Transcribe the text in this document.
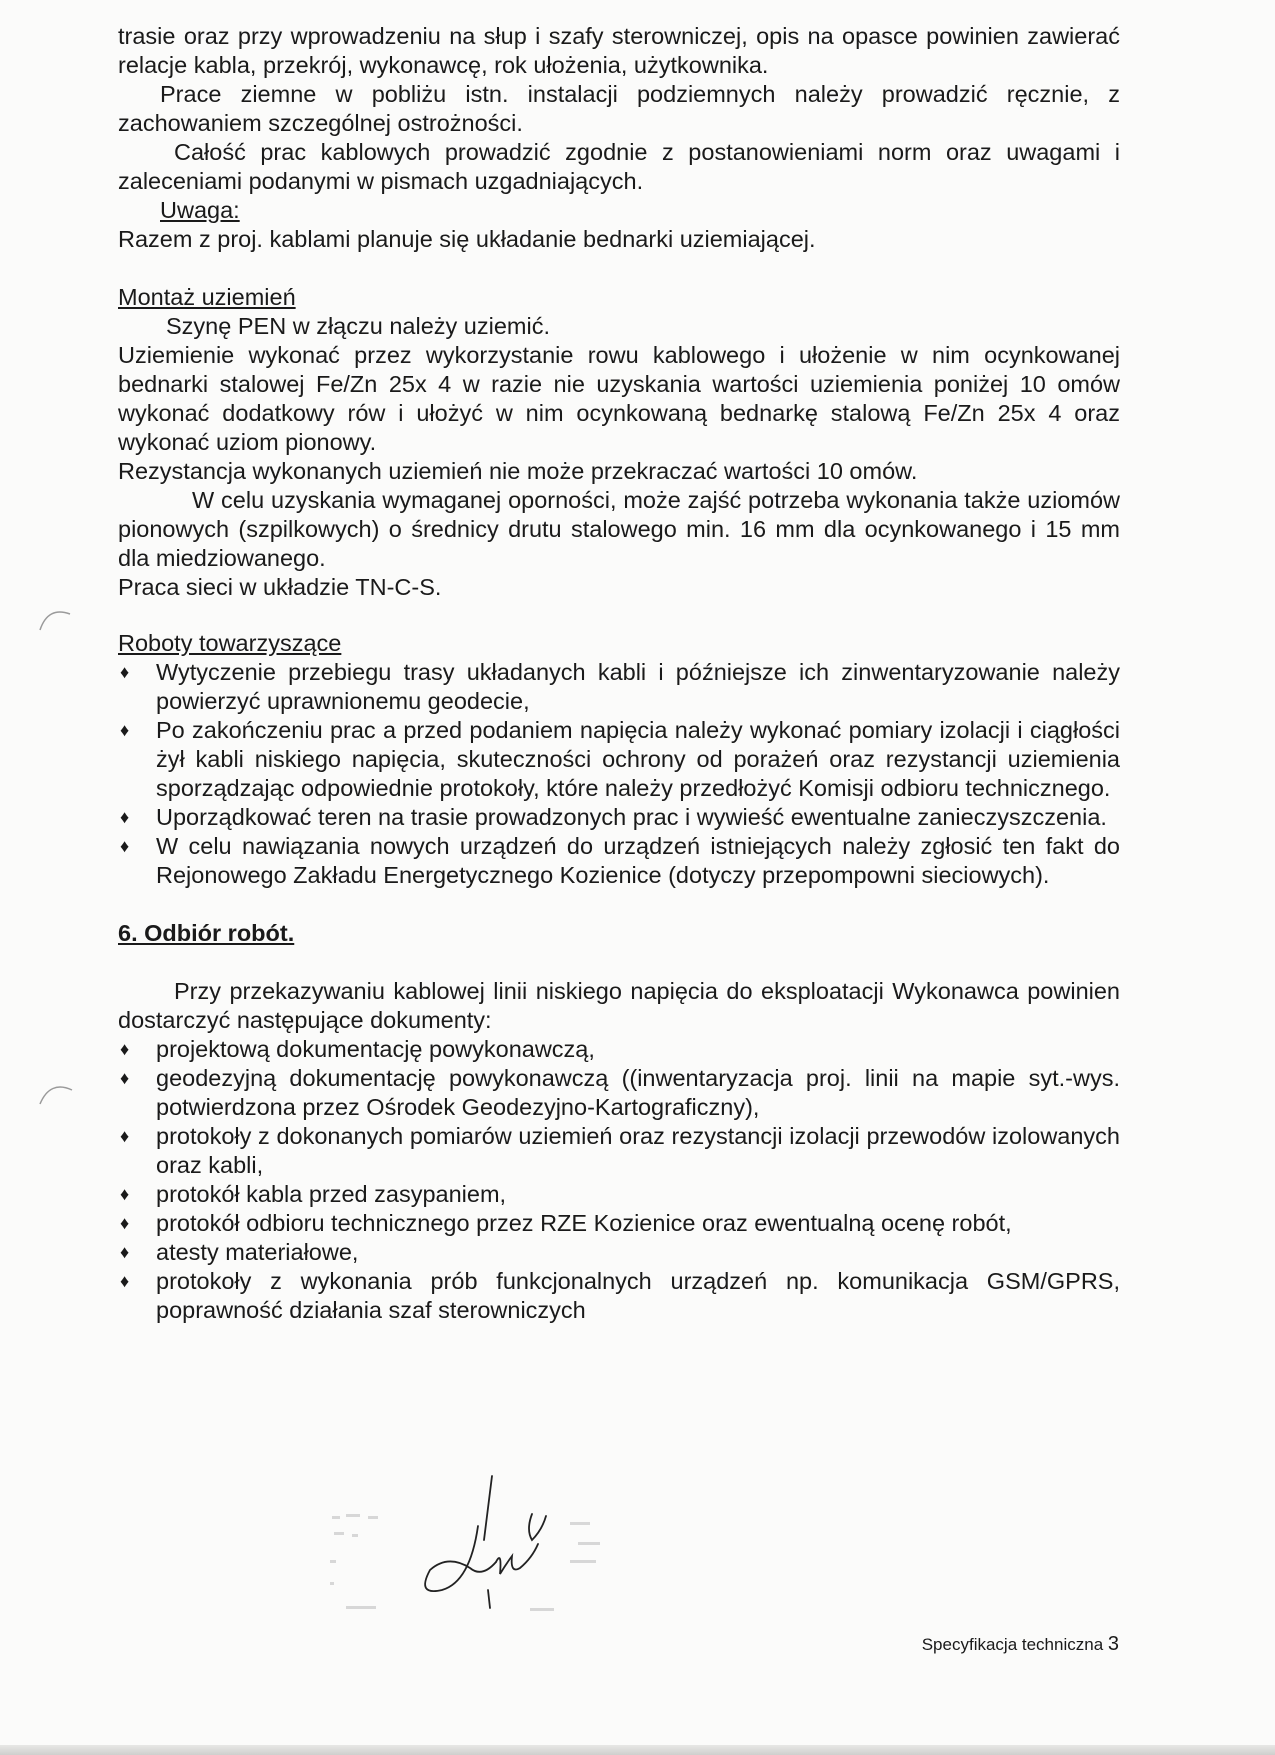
trasie oraz przy wprowadzeniu na słup i szafy sterowniczej, opis na opasce powinien zawierać relacje kabla, przekrój, wykonawcę, rok ułożenia, użytkownika.

Prace ziemne w pobliżu istn. instalacji podziemnych należy prowadzić ręcznie, z zachowaniem szczególnej ostrożności.

Całość prac kablowych prowadzić zgodnie z postanowieniami norm oraz uwagami i zaleceniami podanymi w pismach uzgadniających.

Uwaga:

Razem z proj. kablami planuje się układanie bednarki uziemiającej.

Montaż uziemień

Szynę PEN w złączu należy uziemić.

Uziemienie wykonać przez wykorzystanie rowu kablowego i ułożenie w nim ocynkowanej bednarki stalowej Fe/Zn 25x 4 w razie nie uzyskania wartości uziemienia poniżej 10 omów wykonać dodatkowy rów i ułożyć w nim ocynkowaną bednarkę stalową Fe/Zn 25x 4 oraz wykonać uziom pionowy.

Rezystancja wykonanych uziemień nie może przekraczać wartości 10 omów.

W celu uzyskania wymaganej oporności, może zajść potrzeba wykonania także uziomów pionowych (szpilkowych) o średnicy drutu stalowego min. 16 mm dla ocynkowanego i 15 mm dla miedziowanego.

Praca sieci w układzie TN-C-S.

Roboty towarzyszące

♦ Wytyczenie przebiegu trasy układanych kabli i późniejsze ich zinwentaryzowanie należy powierzyć uprawnionemu geodecie,
♦ Po zakończeniu prac a przed podaniem napięcia należy wykonać pomiary izolacji i ciągłości żył kabli niskiego napięcia, skuteczności ochrony od porażeń oraz rezystancji uziemienia sporządzając odpowiednie protokoły, które należy przedłożyć Komisji odbioru technicznego.
♦ Uporządkować teren na trasie prowadzonych prac i wywieść ewentualne zanieczyszczenia.
♦ W celu nawiązania nowych urządzeń do urządzeń istniejących należy zgłosić ten fakt do Rejonowego Zakładu Energetycznego Kozienice (dotyczy przepompowni sieciowych).

6. Odbiór robót.

Przy przekazywaniu kablowej linii niskiego napięcia do eksploatacji Wykonawca powinien dostarczyć następujące dokumenty:

♦ projektową dokumentację powykonawczą,
♦ geodezyjną dokumentację powykonawczą ((inwentaryzacja proj. linii na mapie syt.-wys. potwierdzona przez Ośrodek Geodezyjno-Kartograficzny),
♦ protokoły z dokonanych pomiarów uziemień oraz rezystancji izolacji przewodów izolowanych oraz kabli,
♦ protokół kabla przed zasypaniem,
♦ protokół odbioru technicznego przez RZE Kozienice oraz ewentualną ocenę robót,
♦ atesty materiałowe,
♦ protokoły z wykonania prób funkcjonalnych urządzeń np. komunikacja GSM/GPRS, poprawność działania szaf sterowniczych
Specyfikacja techniczna 3
